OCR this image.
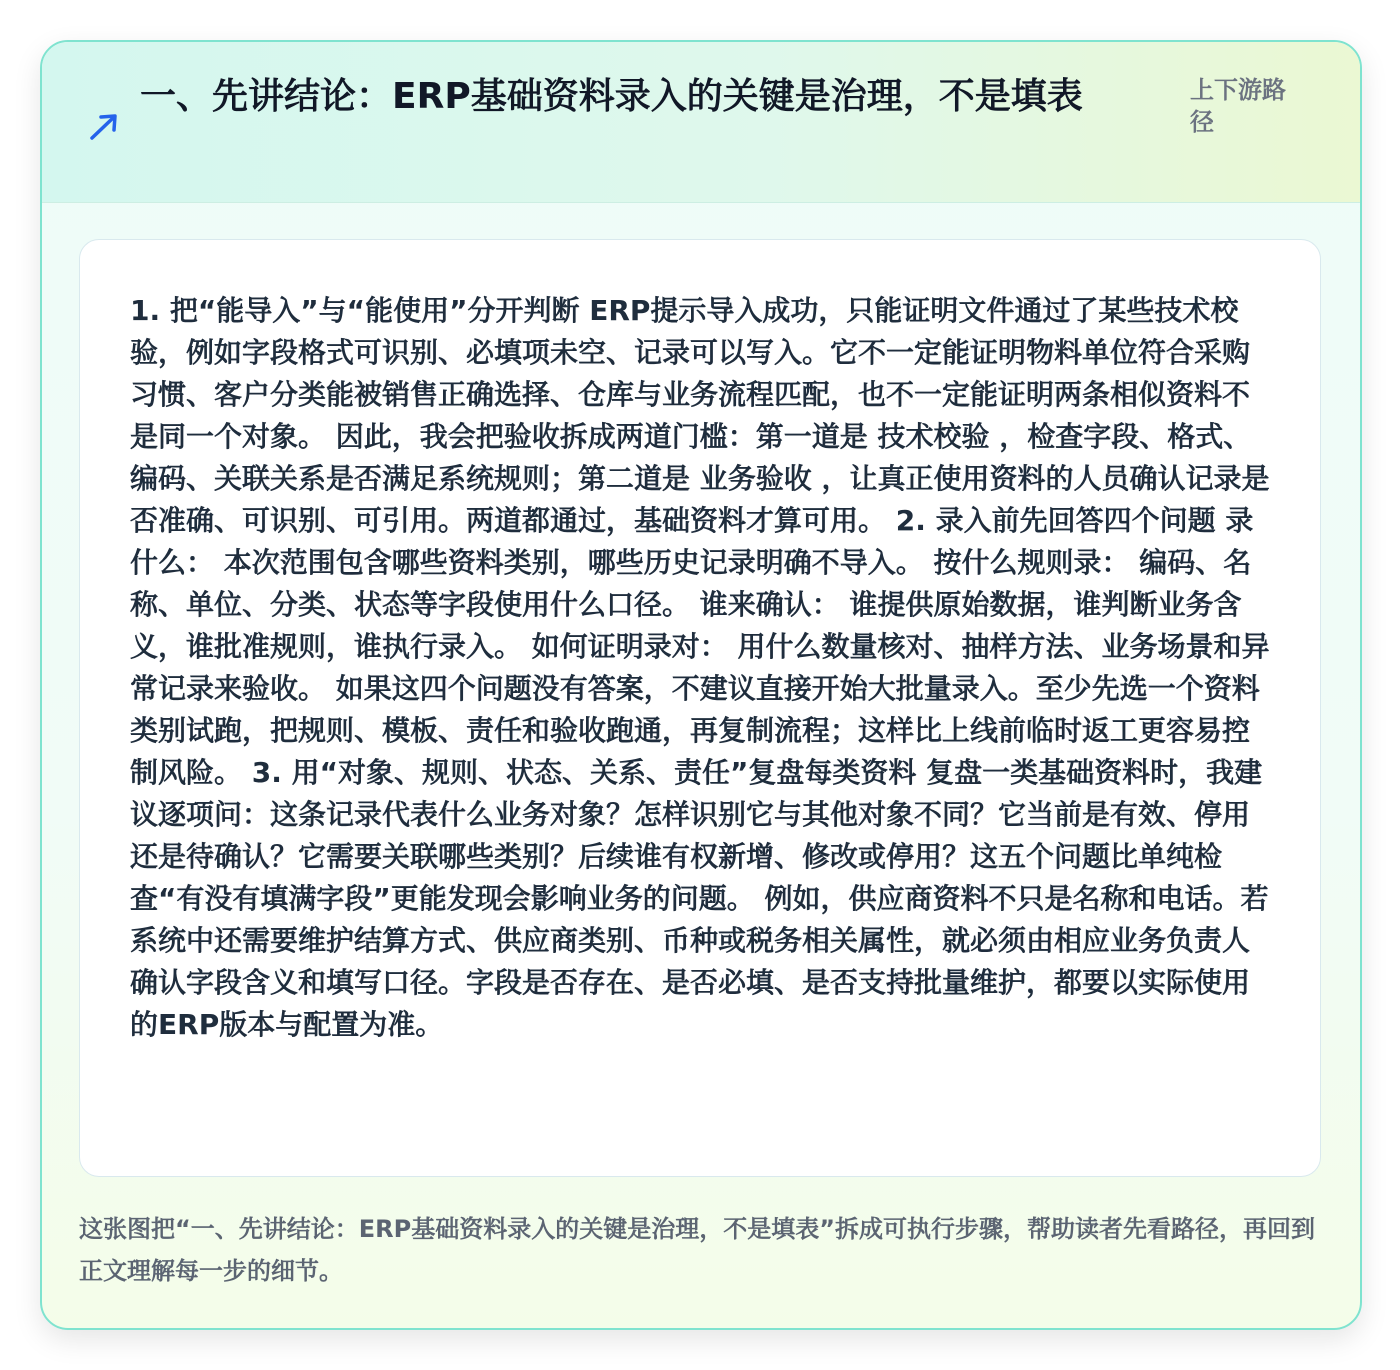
一、先讲结论：ERP基础资料录入的关键是治理，不是填表	上下游路径

1. 把“能导入”与“能使用”分开判断 ERP提示导入成功，只能证明文件通过了某些技术校验，例如字段格式可识别、必填项未空、记录可以写入。它不一定能证明物料单位符合采购习惯、客户分类能被销售正确选择、仓库与业务流程匹配，也不一定能证明两条相似资料不是同一个对象。 因此，我会把验收拆成两道门槛：第一道是 技术校验 ，检查字段、格式、编码、关联关系是否满足系统规则；第二道是 业务验收 ，让真正使用资料的人员确认记录是否准确、可识别、可引用。两道都通过，基础资料才算可用。 2. 录入前先回答四个问题 录什么： 本次范围包含哪些资料类别，哪些历史记录明确不导入。 按什么规则录： 编码、名称、单位、分类、状态等字段使用什么口径。 谁来确认： 谁提供原始数据，谁判断业务含义，谁批准规则，谁执行录入。 如何证明录对： 用什么数量核对、抽样方法、业务场景和异常记录来验收。 如果这四个问题没有答案，不建议直接开始大批量录入。至少先选一个资料类别试跑，把规则、模板、责任和验收跑通，再复制流程；这样比上线前临时返工更容易控制风险。 3. 用“对象、规则、状态、关系、责任”复盘每类资料 复盘一类基础资料时，我建议逐项问：这条记录代表什么业务对象？怎样识别它与其他对象不同？它当前是有效、停用还是待确认？它需要关联哪些类别？后续谁有权新增、修改或停用？这五个问题比单纯检查“有没有填满字段”更能发现会影响业务的问题。 例如，供应商资料不只是名称和电话。若系统中还需要维护结算方式、供应商类别、币种或税务相关属性，就必须由相应业务负责人确认字段含义和填写口径。字段是否存在、是否必填、是否支持批量维护，都要以实际使用的ERP版本与配置为准。

这张图把“一、先讲结论：ERP基础资料录入的关键是治理，不是填表”拆成可执行步骤，帮助读者先看路径，再回到正文理解每一步的细节。
